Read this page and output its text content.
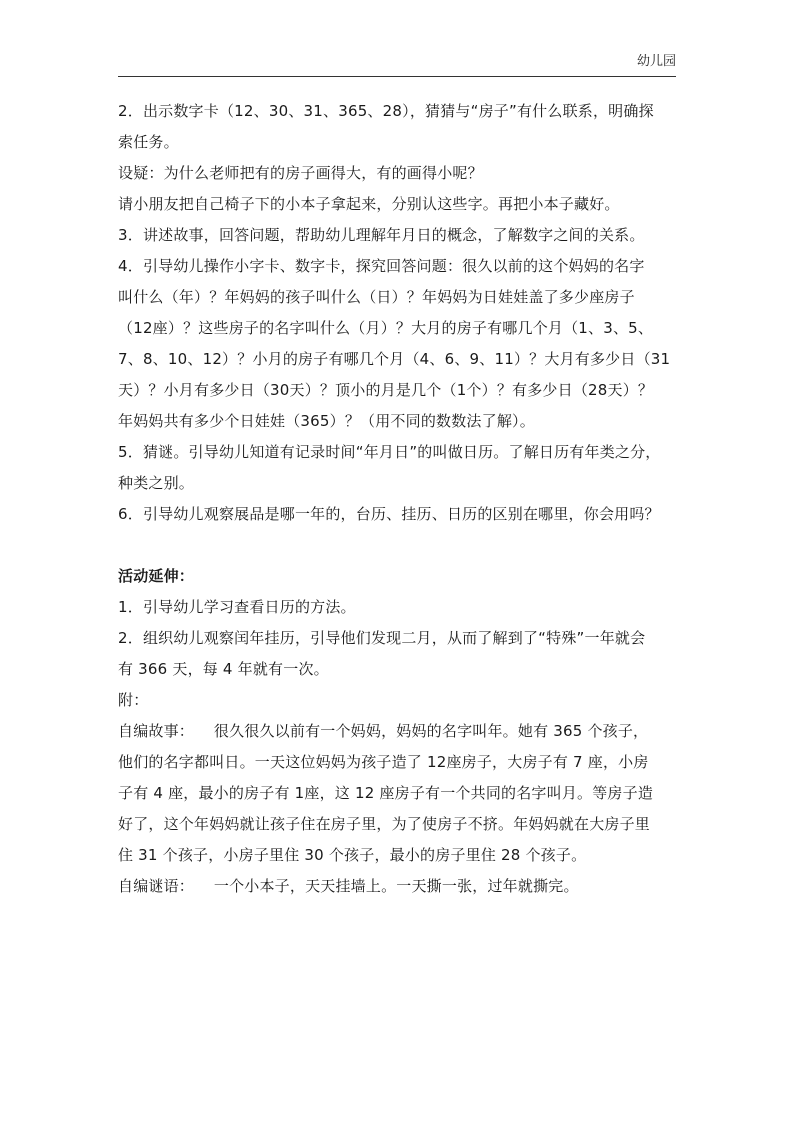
幼儿园
2．出示数字卡（12、30、31、365、28），猜猜与“房子”有什么联系，明确探
索任务。
设疑：为什么老师把有的房子画得大，有的画得小呢？
请小朋友把自己椅子下的小本子拿起来，分别认这些字。再把小本子藏好。
3．讲述故事，回答问题，帮助幼儿理解年月日的概念，了解数字之间的关系。
4．引导幼儿操作小字卡、数字卡，探究回答问题：很久以前的这个妈妈的名字
叫什么（年）？年妈妈的孩子叫什么（日）？年妈妈为日娃娃盖了多少座房子
（12座）？这些房子的名字叫什么（月）？大月的房子有哪几个月（1、3、5、
7、8、10、12）？小月的房子有哪几个月（4、6、9、11）？大月有多少日（31
天）？小月有多少日（30天）？顶小的月是几个（1个）？有多少日（28天）？
年妈妈共有多少个日娃娃（365）？（用不同的数数法了解）。
5．猜谜。引导幼儿知道有记录时间“年月日”的叫做日历。了解日历有年类之分，
种类之别。
6．引导幼儿观察展品是哪一年的，台历、挂历、日历的区别在哪里，你会用吗？
活动延伸：
1．引导幼儿学习查看日历的方法。
2．组织幼儿观察闰年挂历，引导他们发现二月，从而了解到了“特殊”一年就会
有 366 天，每 4 年就有一次。
附：
自编故事：    很久很久以前有一个妈妈，妈妈的名字叫年。她有 365 个孩子，
他们的名字都叫日。一天这位妈妈为孩子造了 12座房子，大房子有 7 座，小房
子有 4 座，最小的房子有 1座，这 12 座房子有一个共同的名字叫月。等房子造
好了，这个年妈妈就让孩子住在房子里，为了使房子不挤。年妈妈就在大房子里
住 31 个孩子，小房子里住 30 个孩子，最小的房子里住 28 个孩子。
自编谜语：    一个小本子，天天挂墙上。一天撕一张，过年就撕完。
